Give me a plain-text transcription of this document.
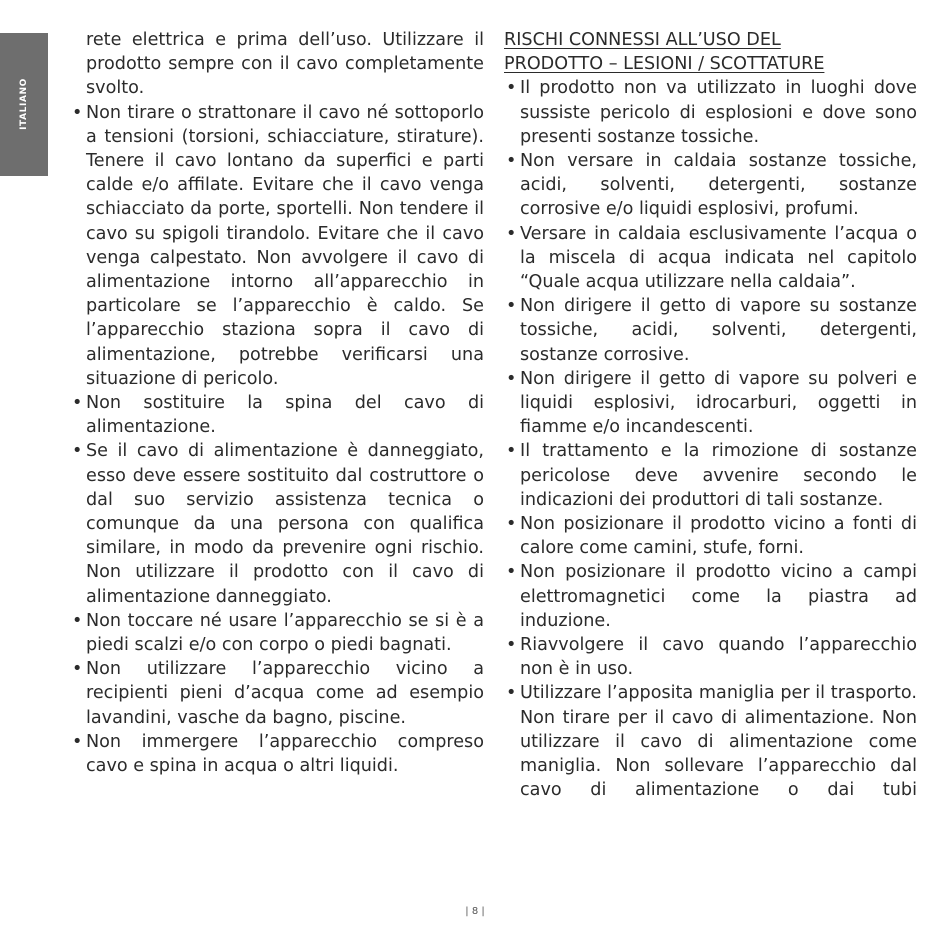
ITALIANO

rete elettrica e prima dell’uso. Utilizzare il prodotto sempre con il cavo completamente svolto.

• Non tirare o strattonare il cavo né sottoporlo a tensioni (torsioni, schiacciature, stirature). Tenere il cavo lontano da superfici e parti calde e/o affilate. Evitare che il cavo venga schiacciato da porte, sportelli. Non tendere il cavo su spigoli tirandolo. Evitare che il cavo venga calpestato. Non avvolgere il cavo di alimentazione intorno all’apparecchio in particolare se l’apparecchio è caldo. Se l’apparecchio staziona sopra il cavo di alimentazione, potrebbe verificarsi una situazione di pericolo.
• Non sostituire la spina del cavo di alimentazione.
• Se il cavo di alimentazione è danneggiato, esso deve essere sostituito dal costruttore o dal suo servizio assistenza tecnica o comunque da una persona con qualifica similare, in modo da prevenire ogni rischio. Non utilizzare il prodotto con il cavo di alimentazione danneggiato.
• Non toccare né usare l’apparecchio se si è a piedi scalzi e/o con corpo o piedi bagnati.
• Non utilizzare l’apparecchio vicino a recipienti pieni d’acqua come ad esempio lavandini, vasche da bagno, piscine.
• Non immergere l’apparecchio compreso cavo e spina in acqua o altri liquidi.
RISCHI CONNESSI ALL’USO DEL
PRODOTTO – LESIONI / SCOTTATURE
• Il prodotto non va utilizzato in luoghi dove sussiste pericolo di esplosioni e dove sono presenti sostanze tossiche.
• Non versare in caldaia sostanze tossiche, acidi, solventi, detergenti, sostanze corrosive e/o liquidi esplosivi, profumi.
• Versare in caldaia esclusivamente l’acqua o la miscela di acqua indicata nel capitolo “Quale acqua utilizzare nella caldaia”.
• Non dirigere il getto di vapore su sostanze tossiche, acidi, solventi, detergenti, sostanze corrosive.
• Non dirigere il getto di vapore su polveri e liquidi esplosivi, idrocarburi, oggetti in fiamme e/o incandescenti.
• Il trattamento e la rimozione di sostanze pericolose deve avvenire secondo le indicazioni dei produttori di tali sostanze.
• Non posizionare il prodotto vicino a fonti di calore come camini, stufe, forni.
• Non posizionare il prodotto vicino a campi elettromagnetici come la piastra ad induzione.
• Riavvolgere il cavo quando l’apparecchio non è in uso.
• Utilizzare l’apposita maniglia per il trasporto. Non tirare per il cavo di alimentazione. Non utilizzare il cavo di alimentazione come maniglia. Non sollevare l’apparecchio dal cavo di alimentazione o dai tubi
| 8 |
